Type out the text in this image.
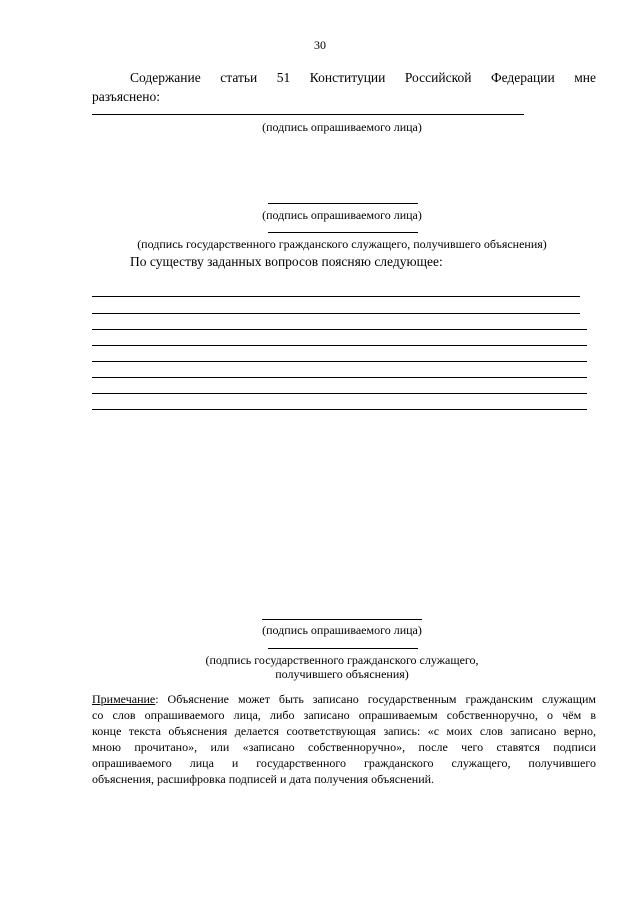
30
Содержание статьи 51 Конституции Российской Федерации мне
разъяснено:
(подпись опрашиваемого лица)
(подпись опрашиваемого лица)
(подпись государственного гражданского служащего, получившего объяснения)
По существу заданных вопросов поясняю следующее:
(подпись опрашиваемого лица)
(подпись государственного гражданского служащего,
получившего объяснения)
Примечание: Объяснение может быть записано государственным гражданским служащим
со слов опрашиваемого лица, либо записано опрашиваемым собственноручно, о чём в
конце текста объяснения делается соответствующая запись: «с моих слов записано верно,
мною прочитано», или «записано собственноручно», после чего ставятся подписи
опрашиваемого лица и государственного гражданского служащего, получившего
объяснения, расшифровка подписей и дата получения объяснений.
